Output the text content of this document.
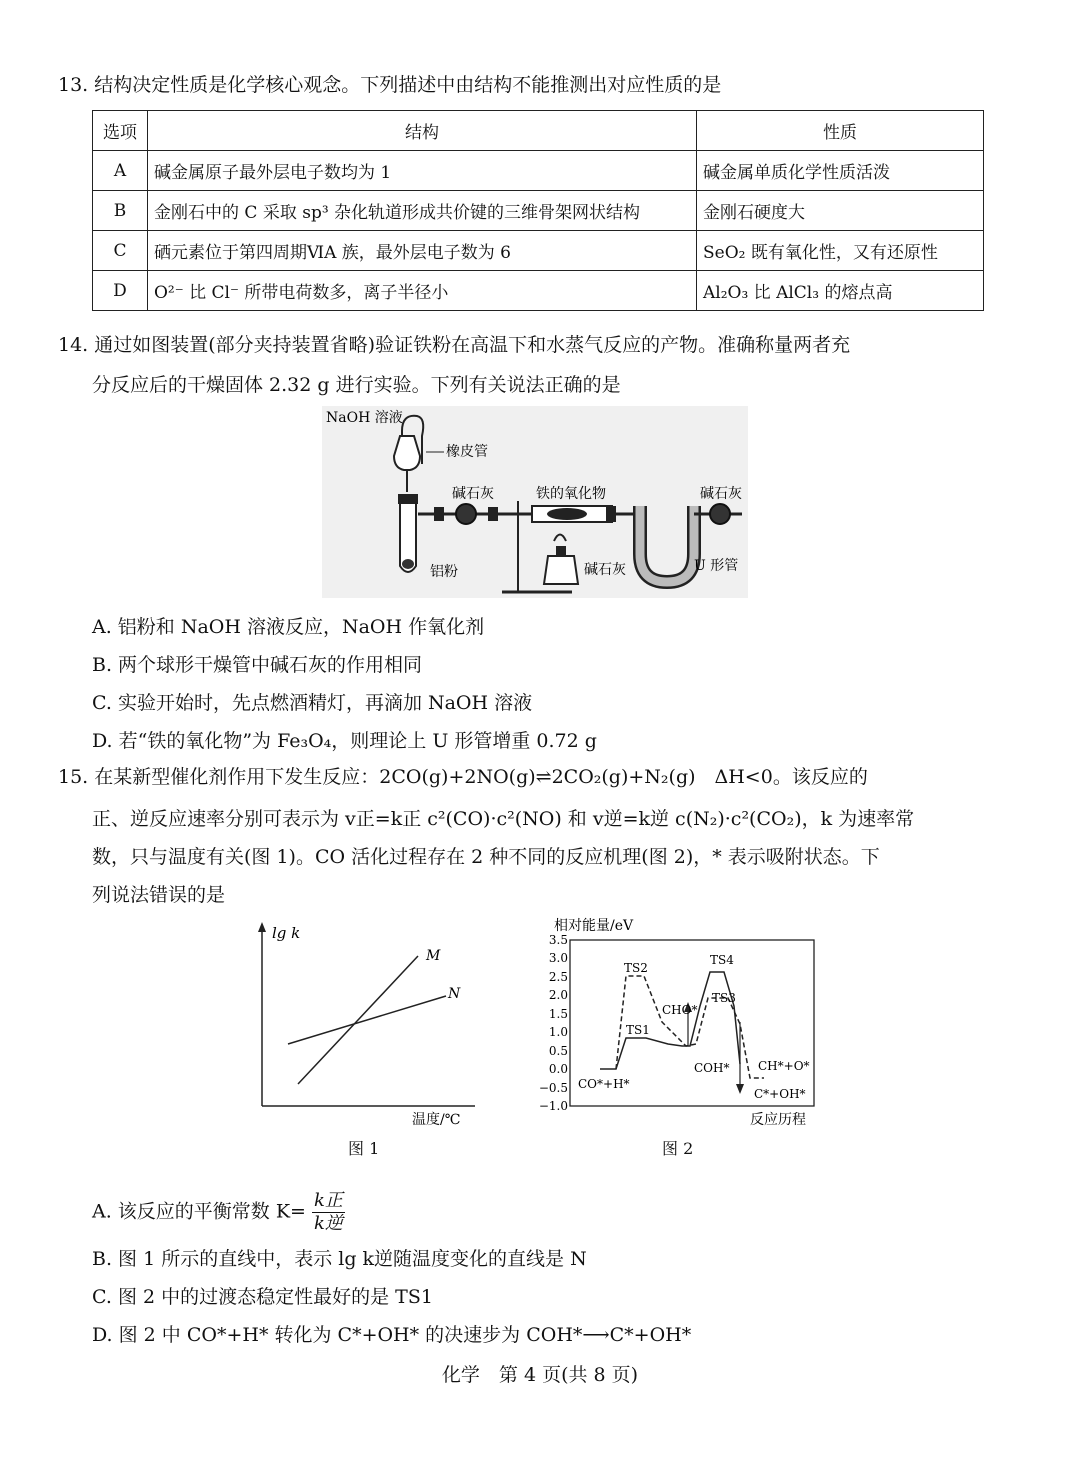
13. 结构决定性质是化学核心观念。下列描述中由结构不能推测出对应性质的是
选项	结构	性质
A	碱金属原子最外层电子数均为 1	碱金属单质化学性质活泼
B	金刚石中的 C 采取 sp³ 杂化轨道形成共价键的三维骨架网状结构	金刚石硬度大
C	硒元素位于第四周期ⅥA 族，最外层电子数为 6	SeO₂ 既有氧化性，又有还原性
D	O²⁻ 比 Cl⁻ 所带电荷数多，离子半径小	Al₂O₃ 比 AlCl₃ 的熔点高
14. 通过如图装置(部分夹持装置省略)验证铁粉在高温下和水蒸气反应的产物。准确称量两者充
分反应后的干燥固体 2.32 g 进行实验。下列有关说法正确的是
NaOH 溶液
橡皮管
碱石灰	铁的氧化物	碱石灰
铝粉	碱石灰	U 形管
A. 铝粉和 NaOH 溶液反应，NaOH 作氧化剂
B. 两个球形干燥管中碱石灰的作用相同
C. 实验开始时，先点燃酒精灯，再滴加 NaOH 溶液
D. 若“铁的氧化物”为 Fe₃O₄，则理论上 U 形管增重 0.72 g
15. 在某新型催化剂作用下发生反应：2CO(g)+2NO(g)⇌2CO₂(g)+N₂(g)　ΔH<0。该反应的
正、逆反应速率分别可表示为 v正=k正 c²(CO)·c²(NO) 和 v逆=k逆 c(N₂)·c²(CO₂)，k 为速率常
数，只与温度有关(图 1)。CO 活化过程存在 2 种不同的反应机理(图 2)，* 表示吸附状态。下
列说法错误的是
lg k
M
N
温度/℃
图 1
相对能量/eV
3.5
3.0
2.5
2.0
1.5
1.0
0.5
0.0
−0.5
−1.0
TS2
TS1
CHO*
TS4
TS3
COH* CH*+O*
CO*+H*
C*+OH*
反应历程
图 2
A. 该反应的平衡常数 K= k正
k逆
B. 图 1 所示的直线中，表示 lg k逆随温度变化的直线是 N
C. 图 2 中的过渡态稳定性最好的是 TS1
D. 图 2 中 CO*+H* 转化为 C*+OH* 的决速步为 COH*⟶C*+OH*
化学　第 4 页(共 8 页)
